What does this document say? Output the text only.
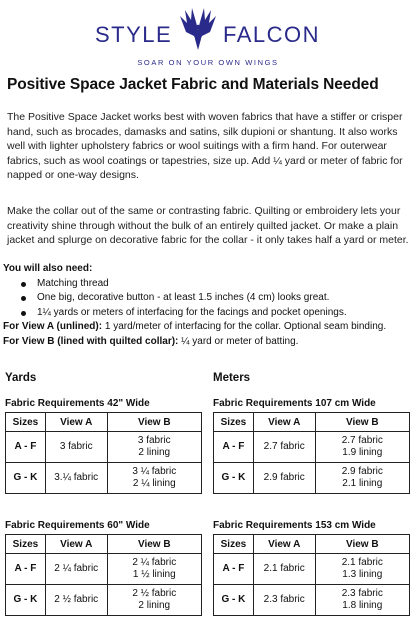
STYLE FALCON
SOAR ON YOUR OWN WINGS
Positive Space Jacket Fabric and Materials Needed

The Positive Space Jacket works best with woven fabrics that have a stiffer or crisper hand, such as brocades, damasks and satins, silk dupioni or shantung. It also works well with lighter upholstery fabrics or wool suitings with a firm hand. For outerwear fabrics, such as wool coatings or tapestries, size up. Add ¼ yard or meter of fabric for napped or one-way designs.

Make the collar out of the same or contrasting fabric. Quilting or embroidery lets your creativity shine through without the bulk of an entirely quilted jacket. Or make a plain jacket and splurge on decorative fabric for the collar - it only takes half a yard or meter.

You will also need:
Matching thread
One big, decorative button - at least 1.5 inches (4 cm) looks great.
1¼ yards or meters of interfacing for the facings and pocket openings.
For View A (unlined): 1 yard/meter of interfacing for the collar. Optional seam binding.
For View B (lined with quilted collar): ¼ yard or meter of batting.
Yards	Meters
Fabric Requirements 42" Wide
Sizes	View A	View B
A - F	3 fabric	3 fabric
2 lining

G - K	3.¼ fabric	3 ¼ fabric
2 ¼ lining
Fabric Requirements 107 cm Wide
Sizes	View A	View B
A - F	2.7 fabric	2.7 fabric
1.9 lining

G - K	2.9 fabric	2.9 fabric
2.1 lining
Fabric Requirements 60" Wide
Sizes	View A	View B
A - F	2 ¼ fabric	2 ¼ fabric
1 ½ lining

G - K	2 ½ fabric	2 ½ fabric
2 lining
Fabric Requirements 153 cm Wide
Sizes	View A	View B
A - F	2.1 fabric	2.1 fabric
1.3 lining

G - K	2.3 fabric	2.3 fabric
1.8 lining
